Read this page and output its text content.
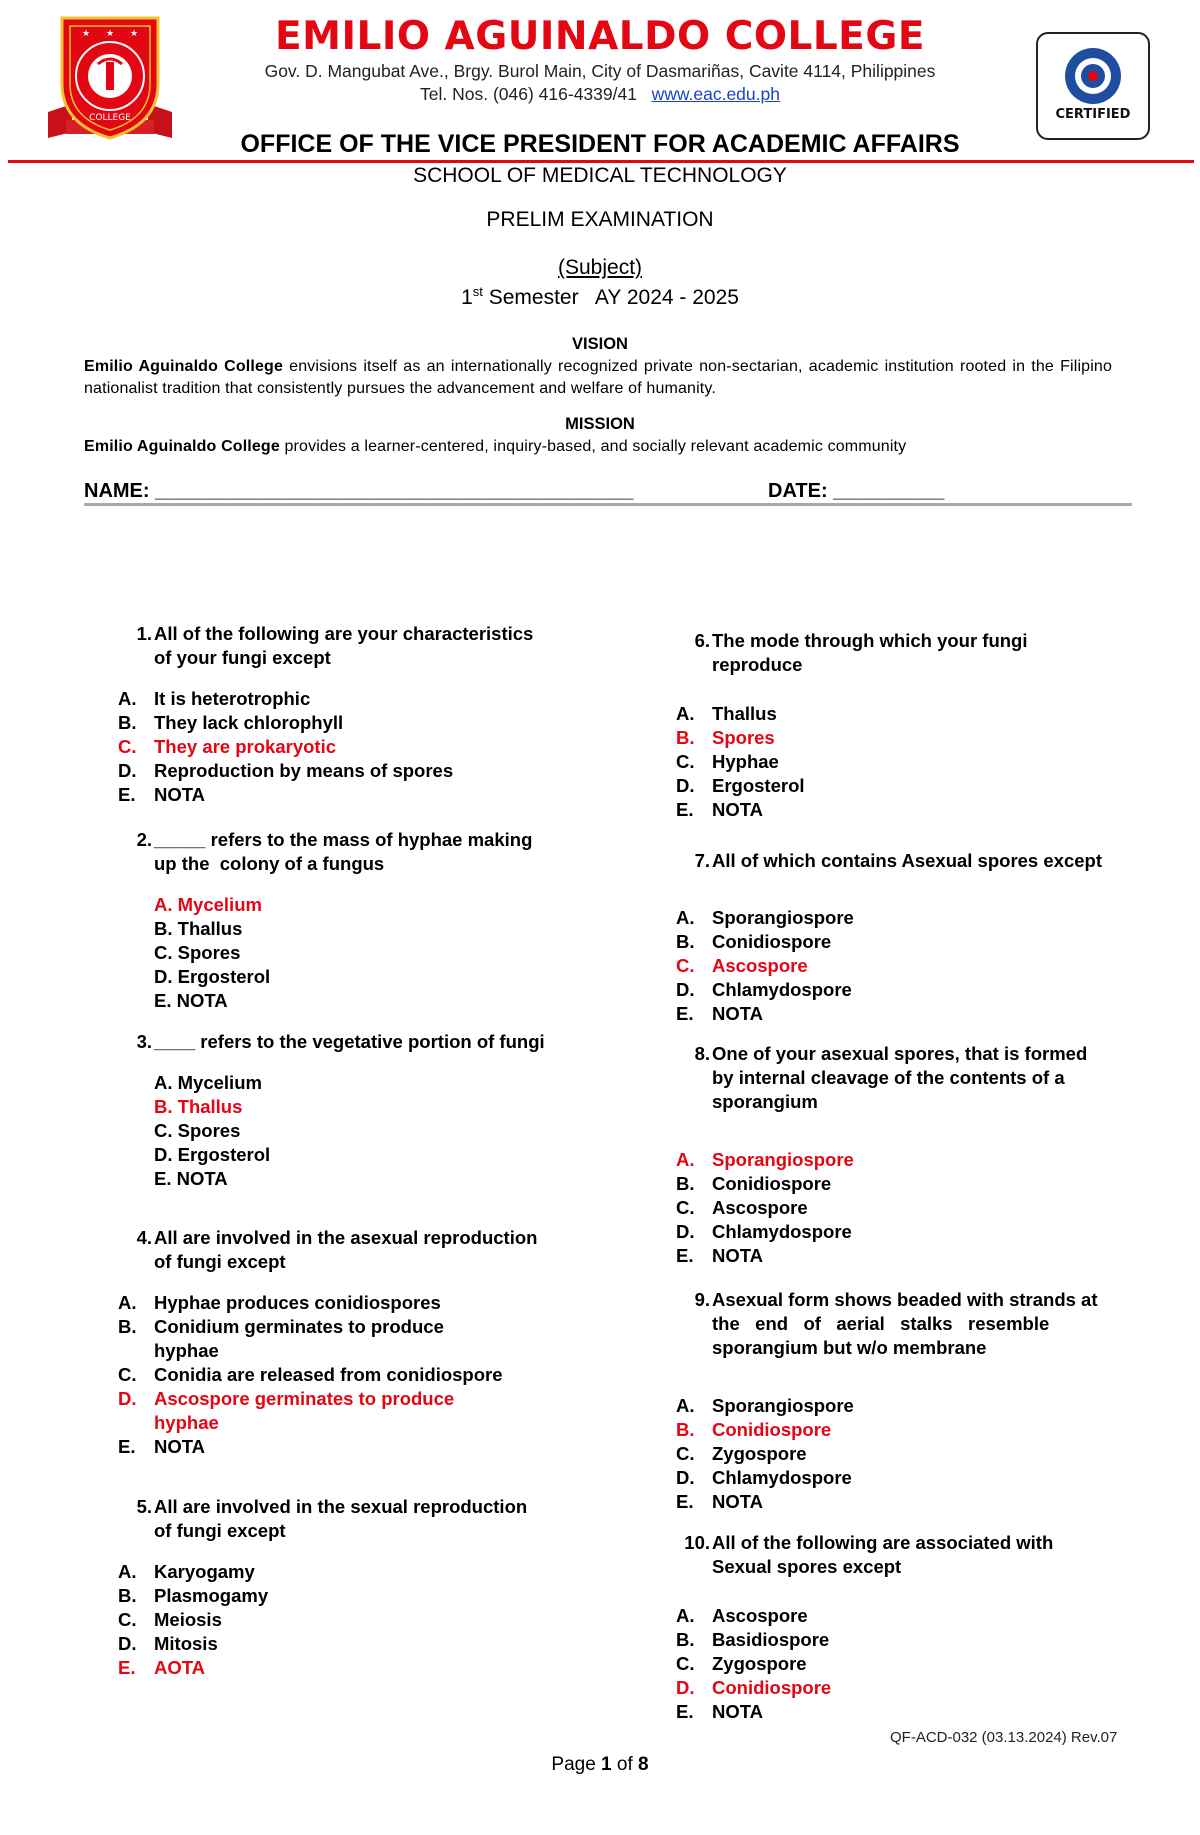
★ ★ ★
COLLEGE	CERTIFIED
EMILIO AGUINALDO COLLEGE
Gov. D. Mangubat Ave., Brgy. Burol Main, City of Dasmariñas, Cavite 4114, Philippines
Tel. Nos. (046) 416-4339/41 www.eac.edu.ph
OFFICE OF THE VICE PRESIDENT FOR ACADEMIC AFFAIRS
SCHOOL OF MEDICAL TECHNOLOGY
PRELIM EXAMINATION
(Subject)
1st Semester   AY 2024 - 2025
VISION
Emilio Aguinaldo College envisions itself as an internationally recognized private non-sectarian, academic institution rooted in the Filipino nationalist tradition that consistently pursues the advancement and welfare of humanity.
MISSION
Emilio Aguinaldo College provides a learner-centered, inquiry-based, and socially relevant academic community
NAME: ___________________________________________	DATE: __________
1. All of the following are your characteristics
of your fungi except
A. It is heterotrophic
B. They lack chlorophyll
C. They are prokaryotic
D. Reproduction by means of spores
E. NOTA
2. _____ refers to the mass of hyphae making
up the  colony of a fungus
A. Mycelium
B. Thallus
C. Spores
D. Ergosterol
E. NOTA
3. ____ refers to the vegetative portion of fungi
A. Mycelium
B. Thallus
C. Spores
D. Ergosterol
E. NOTA
4. All are involved in the asexual reproduction
of fungi except
A. Hyphae produces conidiospores
B. Conidium germinates to produce
hyphae
C. Conidia are released from conidiospore
D. Ascospore germinates to produce
hyphae
E. NOTA
5. All are involved in the sexual reproduction
of fungi except
A. Karyogamy
B. Plasmogamy
C. Meiosis
D. Mitosis
E. AOTA
6. The mode through which your fungi
reproduce
A. Thallus
B. Spores
C. Hyphae
D. Ergosterol
E. NOTA
7. All of which contains Asexual spores except
A. Sporangiospore
B. Conidiospore
C. Ascospore
D. Chlamydospore
E. NOTA
8. One of your asexual spores, that is formed
by internal cleavage of the contents of a
sporangium
A. Sporangiospore
B. Conidiospore
C. Ascospore
D. Chlamydospore
E. NOTA
9. Asexual form shows beaded with strands at
the   end   of   aerial   stalks   resemble
sporangium but w/o membrane
A. Sporangiospore
B. Conidiospore
C. Zygospore
D. Chlamydospore
E. NOTA
10. All of the following are associated with
Sexual spores except
A. Ascospore
B. Basidiospore
C. Zygospore
D. Conidiospore
E. NOTA
QF-ACD-032 (03.13.2024) Rev.07
Page 1 of 8
